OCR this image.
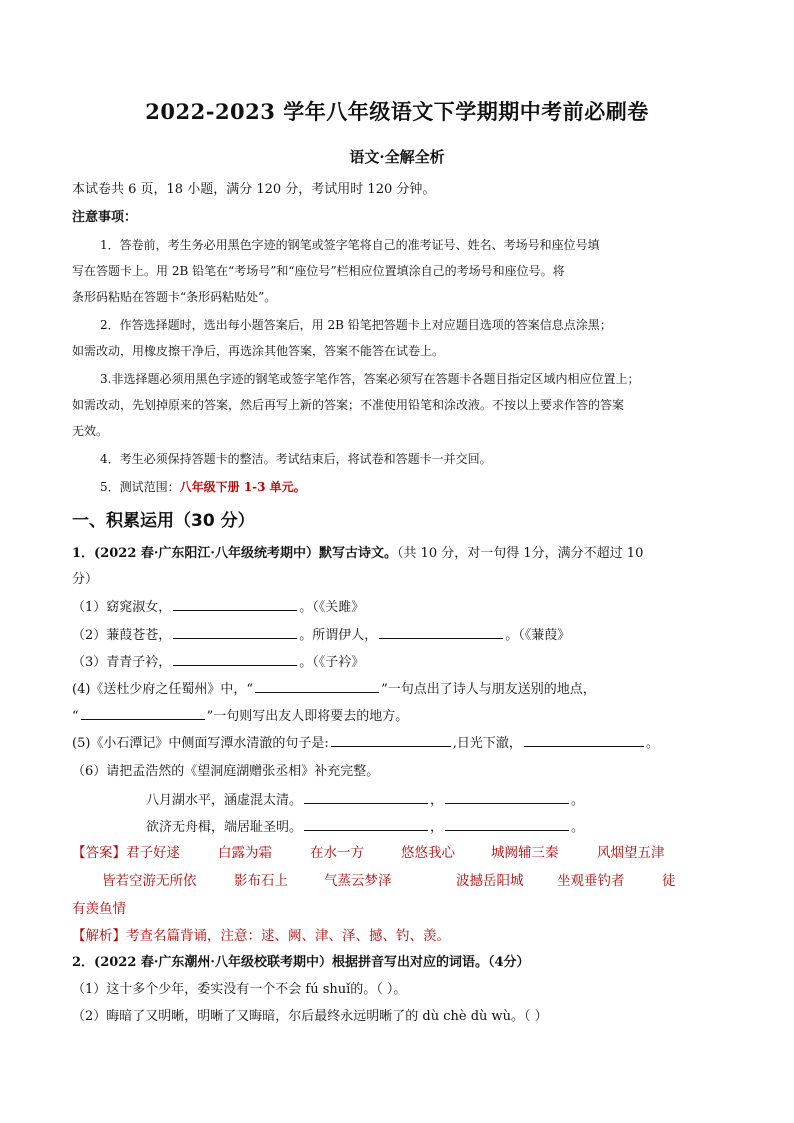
2022-2023 学年八年级语文下学期期中考前必刷卷
语文·全解全析
本试卷共 6 页，18 小题，满分 120 分，考试用时 120 分钟。
注意事项：
1．答卷前，考生务必用黑色字迹的钢笔或签字笔将自己的准考证号、姓名、考场号和座位号填
写在答题卡上。用 2B 铅笔在“考场号”和“座位号”栏相应位置填涂自己的考场号和座位号。将
条形码粘贴在答题卡“条形码粘贴处”。
2．作答选择题时，选出每小题答案后，用 2B 铅笔把答题卡上对应题目选项的答案信息点涂黑；
如需改动，用橡皮擦干净后，再选涂其他答案，答案不能答在试卷上。
3.非选择题必须用黑色字迹的钢笔或签字笔作答，答案必须写在答题卡各题目指定区域内相应位置上；
如需改动，先划掉原来的答案，然后再写上新的答案；不准使用铅笔和涂改液。不按以上要求作答的答案
无效。
4．考生必须保持答题卡的整洁。考试结束后，将试卷和答题卡一并交回。
5．测试范围：八年级下册 1-3 单元。
一、积累运用（30 分）
1．(2022 春·广东阳江·八年级统考期中）默写古诗文。（共 10 分，对一句得 1分，满分不超过 10
分）
（1）窈窕淑女，	。（《关雎》
（2）蒹葭苍苍，	。所谓伊人，	。（《蒹葭》
（3）青青子衿，	。（《子衿》
(4)《送杜少府之任蜀州》中，“	”一句点出了诗人与朋友送别的地点，
“	”一句则写出友人即将要去的地方。
(5)《小石潭记》中侧面写潭水清澈的句子是:	,日光下澈，	。
（6）请把孟浩然的《望洞庭湖赠张丞相》补充完整。
八月湖水平，涵虚混太清。	，	。
欲济无舟楫，端居耻圣明。	，	。
【答案】 君子好逑	白露为霜	在水一方	悠悠我心	城阙辅三秦	风烟望五津
皆若空游无所依	影布石上	气蒸云梦泽	波撼岳阳城 坐观垂钓者	徒
有羡鱼情
【解析】考查名篇背诵，注意：逑、阙、津、泽、撼、钓、羡。
2．(2022 春·广东潮州·八年级校联考期中）根据拼音写出对应的词语。（4分）
（1）这十多个少年，委实没有一个不会 fú shuǐ的。（ ）。
（2）晦暗了又明晰，明晰了又晦暗，尔后最终永远明晰了的 dù chè dù wù。（ ）
